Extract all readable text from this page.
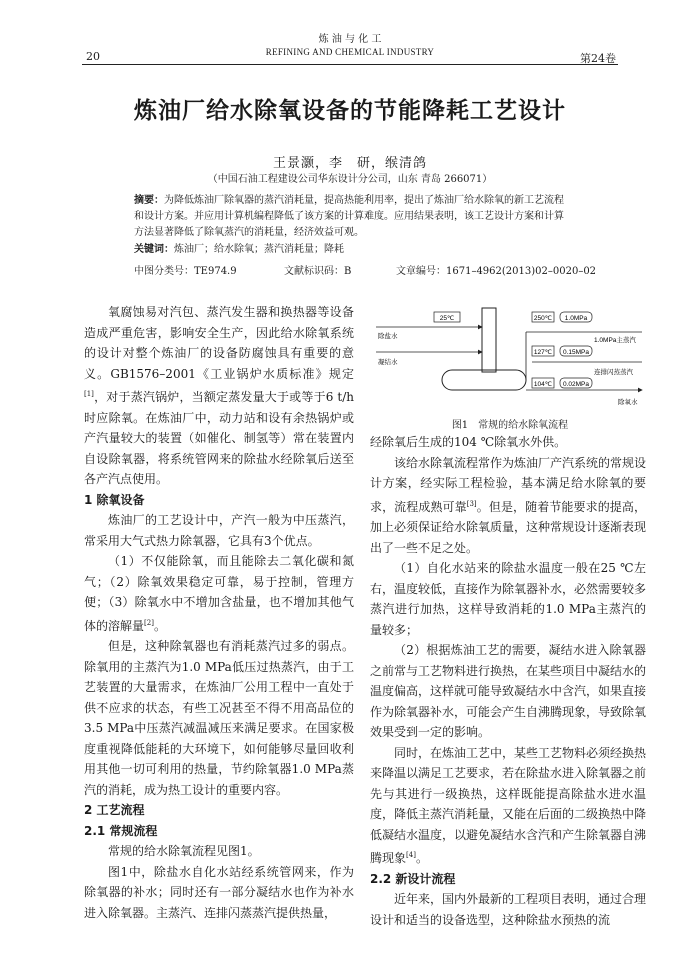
20
炼 油 与 化 工
REFINING AND CHEMICAL INDUSTRY	第24卷
炼油厂给水除氧设备的节能降耗工艺设计
王景灏，李　研，缑清鸽
（中国石油工程建设公司华东设计分公司，山东 青岛 266071）
摘要：为降低炼油厂除氧器的蒸汽消耗量，提高热能利用率，提出了炼油厂给水除氧的新工艺流程和设计方案。并应用计算机编程降低了该方案的计算难度。应用结果表明，该工艺设计方案和计算方法显著降低了除氧蒸汽的消耗量，经济效益可观。
关键词：炼油厂；给水除氧；蒸汽消耗量；降耗
中图分类号：TE974.9	文献标识码：B	文章编号：1671–4962(2013)02–0020–02

氧腐蚀易对汽包、蒸汽发生器和换热器等设备造成严重危害，影响安全生产，因此给水除氧系统的设计对整个炼油厂的设备防腐蚀具有重要的意义。GB1576–2001《工业锅炉水质标准》规定[1]，对于蒸汽锅炉，当额定蒸发量大于或等于6 t/h时应除氧。在炼油厂中，动力站和设有余热锅炉或产汽量较大的装置（如催化、制氢等）常在装置内自设除氧器，将系统管网来的除盐水经除氧后送至各产汽点使用。

1 除氧设备

炼油厂的工艺设计中，产汽一般为中压蒸汽，常采用大气式热力除氧器，它具有3个优点。

（1）不仅能除氧，而且能除去二氧化碳和氮气；（2）除氧效果稳定可靠，易于控制，管理方便；（3）除氧水中不增加含盐量，也不增加其他气体的溶解量[2]。

但是，这种除氧器也有消耗蒸汽过多的弱点。除氧用的主蒸汽为1.0 MPa低压过热蒸汽，由于工艺装置的大量需求，在炼油厂公用工程中一直处于供不应求的状态，有些工况甚至不得不用高品位的3.5 MPa中压蒸汽减温减压来满足要求。在国家极度重视降低能耗的大环境下，如何能够尽量回收利用其他一切可利用的热量，节约除氧器1.0 MPa蒸汽的消耗，成为热工设计的重要内容。

2 工艺流程
2.1 常规流程

常规的给水除氧流程见图1。

图1中，除盐水自化水站经系统管网来，作为除氧器的补水；同时还有一部分凝结水也作为补水进入除氧器。主蒸汽、连排闪蒸蒸汽提供热量，

25℃
除盐水
凝结水
250℃ 1.0MPa
1.0MPa主蒸汽
127℃ 0.15MPa
连排闪蒸蒸汽
104℃ 0.02MPa
除氧水
图1　常规的给水除氧流程

经除氧后生成的104 ℃除氧水外供。

该给水除氧流程常作为炼油厂产汽系统的常规设计方案，经实际工程检验，基本满足给水除氧的要求，流程成熟可靠[3]。但是，随着节能要求的提高，加上必须保证给水除氧质量，这种常规设计逐渐表现出了一些不足之处。

（1）自化水站来的除盐水温度一般在25 ℃左右，温度较低，直接作为除氧器补水，必然需要较多蒸汽进行加热，这样导致消耗的1.0 MPa主蒸汽的量较多；

（2）根据炼油工艺的需要，凝结水进入除氧器之前常与工艺物料进行换热，在某些项目中凝结水的温度偏高，这样就可能导致凝结水中含汽，如果直接作为除氧器补水，可能会产生自沸腾现象，导致除氧效果受到一定的影响。

同时，在炼油工艺中，某些工艺物料必须经换热来降温以满足工艺要求，若在除盐水进入除氧器之前先与其进行一级换热，这样既能提高除盐水进水温度，降低主蒸汽消耗量，又能在后面的二级换热中降低凝结水温度，以避免凝结水含汽和产生除氧器自沸腾现象[4]。

2.2 新设计流程

近年来，国内外最新的工程项目表明，通过合理设计和适当的设备选型，这种除盐水预热的流
